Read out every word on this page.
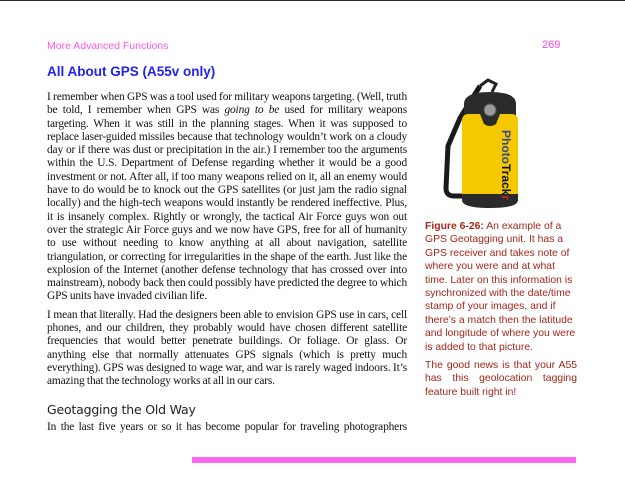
More Advanced Functions	269
All About GPS (A55v only)

I remember when GPS was a tool used for military weapons targeting. (Well, truth be told, I remember when GPS was going to be used for military weapons targeting. When it was still in the planning stages. When it was supposed to replace laser-guided missiles because that technology wouldn’t work on a cloudy day or if there was dust or precipitation in the air.) I remember too the arguments within the U.S. Department of Defense regarding whether it would be a good investment or not. After all, if too many weapons relied on it, all an enemy would have to do would be to knock out the GPS satellites (or just jam the radio signal locally) and the high-tech weapons would instantly be rendered ineffective. Plus, it is insanely complex. Rightly or wrongly, the tactical Air Force guys won out over the strategic Air Force guys and we now have GPS, free for all of humanity to use without needing to know anything at all about navigation, satellite triangulation, or correcting for irregularities in the shape of the earth. Just like the explosion of the Internet (another defense technology that has crossed over into mainstream), nobody back then could possibly have predicted the degree to which GPS units have invaded civilian life.

I mean that literally. Had the designers been able to envision GPS use in cars, cell phones, and our children, they probably would have chosen different satellite frequencies that would better penetrate buildings. Or foliage. Or glass. Or anything else that normally attenuates GPS signals (which is pretty much everything). GPS was designed to wage war, and war is rarely waged indoors. It’s amazing that the technology works at all in our cars.

Geotagging the Old Way
In the last five years or so it has become popular for traveling photographers
PhotoTrackr

Figure 6-26: An example of a GPS Geotagging unit. It has a GPS receiver and takes note of where you were and at what time. Later on this information is synchronized with the date/time stamp of your images, and if there’s a match then the latitude and longitude of where you were is added to that picture.

The good news is that your A55 has this geolocation tagging feature built right in!
